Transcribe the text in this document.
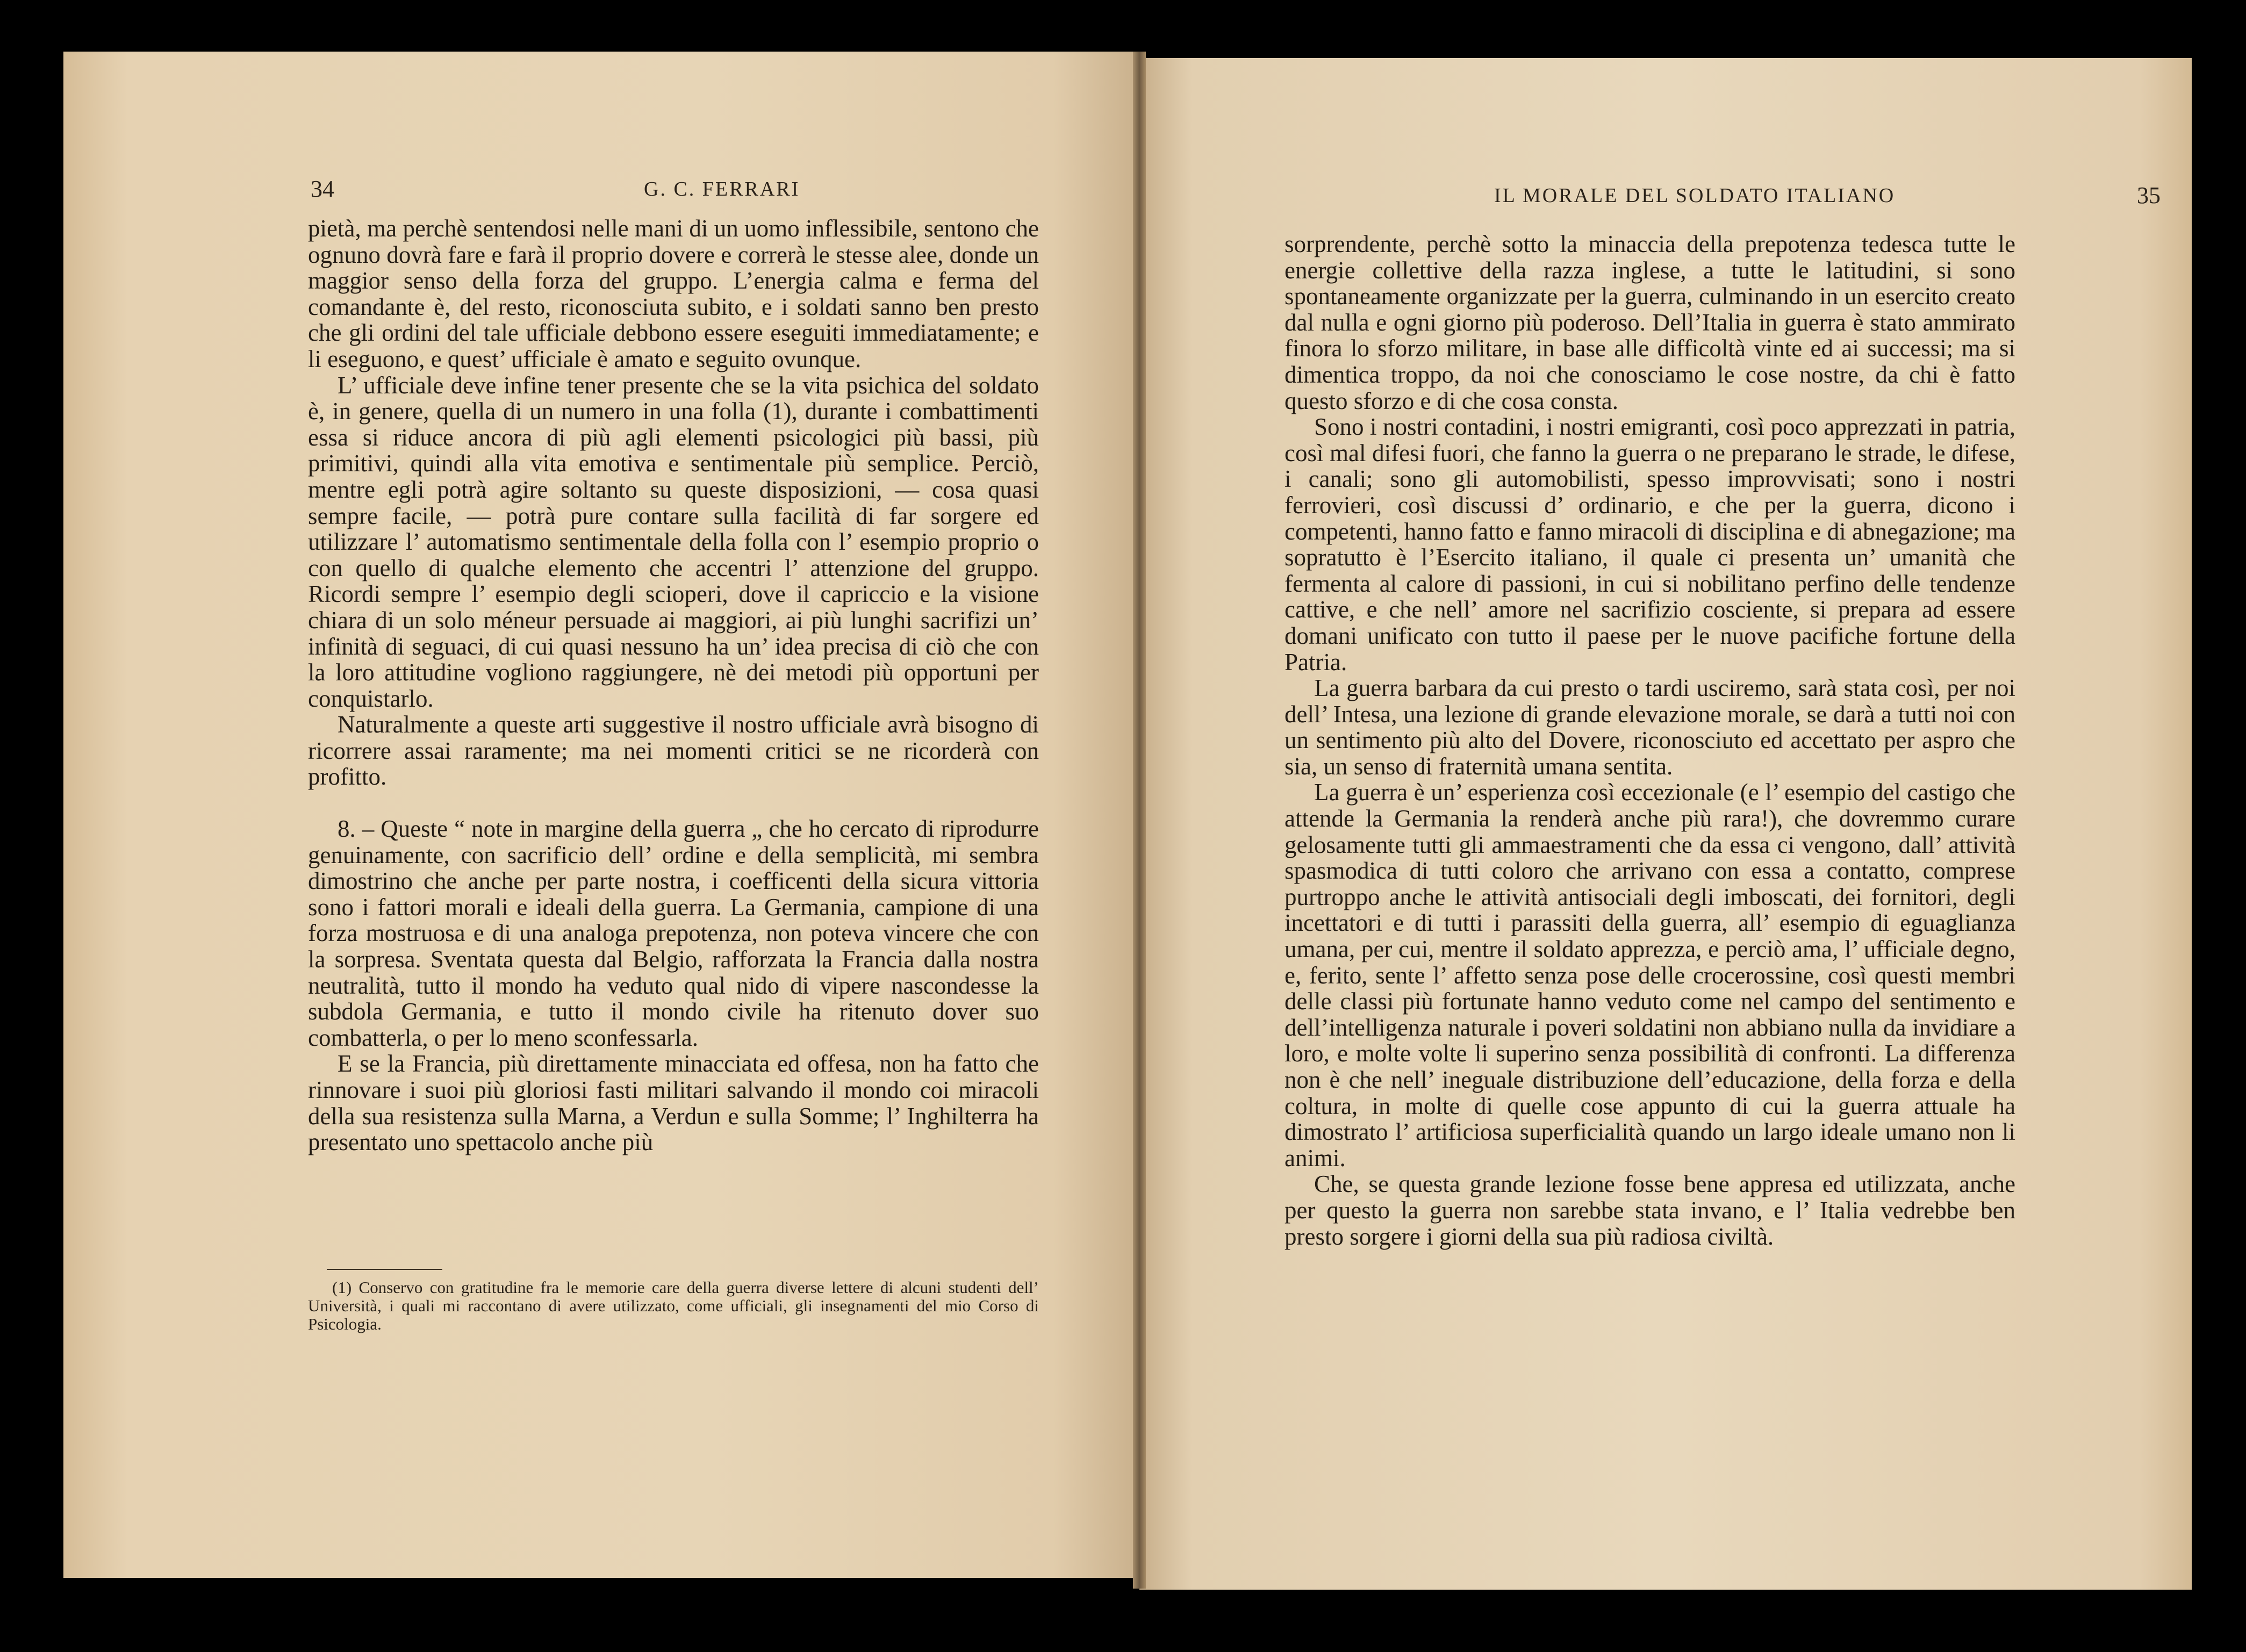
34	G. C. FERRARI

pietà, ma perchè sentendosi nelle mani di un uomo inflessibile, sentono che ognuno dovrà fare e farà il proprio dovere e correrà le stesse alee, donde un maggior senso della forza del gruppo. L’energia calma e ferma del comandante è, del resto, riconosciuta subito, e i soldati sanno ben presto che gli ordini del tale ufficiale debbono essere eseguiti immediatamente; e li eseguono, e quest’ ufficiale è amato e seguito ovunque.

L’ ufficiale deve infine tener presente che se la vita psichica del soldato è, in genere, quella di un numero in una folla (1), durante i combattimenti essa si riduce ancora di più agli elementi psicologici più bassi, più primitivi, quindi alla vita emotiva e sentimentale più semplice. Perciò, mentre egli potrà agire soltanto su queste disposizioni, — cosa quasi sempre facile, — potrà pure contare sulla facilità di far sorgere ed utilizzare l’ automatismo sentimentale della folla con l’ esempio proprio o con quello di qualche elemento che accentri l’ attenzione del gruppo. Ricordi sempre l’ esempio degli scioperi, dove il capriccio e la visione chiara di un solo méneur persuade ai maggiori, ai più lunghi sacrifizi un’ infinità di seguaci, di cui quasi nessuno ha un’ idea precisa di ciò che con la loro attitudine vogliono raggiungere, nè dei metodi più opportuni per conquistarlo.

Naturalmente a queste arti suggestive il nostro ufficiale avrà bisogno di ricorrere assai raramente; ma nei momenti critici se ne ricorderà con profitto.

8. – Queste “ note in margine della guerra „ che ho cercato di riprodurre genuinamente, con sacrificio dell’ ordine e della semplicità, mi sembra dimostrino che anche per parte nostra, i coefficenti della sicura vittoria sono i fattori morali e ideali della guerra. La Germania, campione di una forza mostruosa e di una analoga prepotenza, non poteva vincere che con la sorpresa. Sventata questa dal Belgio, rafforzata la Francia dalla nostra neutralità, tutto il mondo ha veduto qual nido di vipere nascondesse la subdola Germania, e tutto il mondo civile ha ritenuto dover suo combatterla, o per lo meno sconfessarla.

E se la Francia, più direttamente minacciata ed offesa, non ha fatto che rinnovare i suoi più gloriosi fasti militari salvando il mondo coi miracoli della sua resistenza sulla Marna, a Verdun e sulla Somme; l’ Inghilterra ha presentato uno spettacolo anche più

(1) Conservo con gratitudine fra le memorie care della guerra diverse lettere di alcuni studenti dell’ Università, i quali mi raccontano di avere utilizzato, come ufficiali, gli insegnamenti del mio Corso di Psicologia.

IL MORALE DEL SOLDATO ITALIANO	35

sorprendente, perchè sotto la minaccia della prepotenza tedesca tutte le energie collettive della razza inglese, a tutte le latitudini, si sono spontaneamente organizzate per la guerra, culminando in un esercito creato dal nulla e ogni giorno più poderoso. Dell’Italia in guerra è stato ammirato finora lo sforzo militare, in base alle difficoltà vinte ed ai successi; ma si dimentica troppo, da noi che conosciamo le cose nostre, da chi è fatto questo sforzo e di che cosa consta.

Sono i nostri contadini, i nostri emigranti, così poco apprezzati in patria, così mal difesi fuori, che fanno la guerra o ne preparano le strade, le difese, i canali; sono gli automobilisti, spesso improvvisati; sono i nostri ferrovieri, così discussi d’ ordinario, e che per la guerra, dicono i competenti, hanno fatto e fanno miracoli di disciplina e di abnegazione; ma sopratutto è l’Esercito italiano, il quale ci presenta un’ umanità che fermenta al calore di passioni, in cui si nobilitano perfino delle tendenze cattive, e che nell’ amore nel sacrifizio cosciente, si prepara ad essere domani unificato con tutto il paese per le nuove pacifiche fortune della Patria.

La guerra barbara da cui presto o tardi usciremo, sarà stata così, per noi dell’ Intesa, una lezione di grande elevazione morale, se darà a tutti noi con un sentimento più alto del Dovere, riconosciuto ed accettato per aspro che sia, un senso di fraternità umana sentita.

La guerra è un’ esperienza così eccezionale (e l’ esempio del castigo che attende la Germania la renderà anche più rara!), che dovremmo curare gelosamente tutti gli ammaestramenti che da essa ci vengono, dall’ attività spasmodica di tutti coloro che arrivano con essa a contatto, comprese purtroppo anche le attività antisociali degli imboscati, dei fornitori, degli incettatori e di tutti i parassiti della guerra, all’ esempio di eguaglianza umana, per cui, mentre il soldato apprezza, e perciò ama, l’ ufficiale degno, e, ferito, sente l’ affetto senza pose delle crocerossine, così questi membri delle classi più fortunate hanno veduto come nel campo del sentimento e dell’intelligenza naturale i poveri soldatini non abbiano nulla da invidiare a loro, e molte volte li superino senza possibilità di confronti. La differenza non è che nell’ ineguale distribuzione dell’educazione, della forza e della coltura, in molte di quelle cose appunto di cui la guerra attuale ha dimostrato l’ artificiosa superficialità quando un largo ideale umano non li animi.

Che, se questa grande lezione fosse bene appresa ed utilizzata, anche per questo la guerra non sarebbe stata invano, e l’ Italia vedrebbe ben presto sorgere i giorni della sua più radiosa civiltà.
